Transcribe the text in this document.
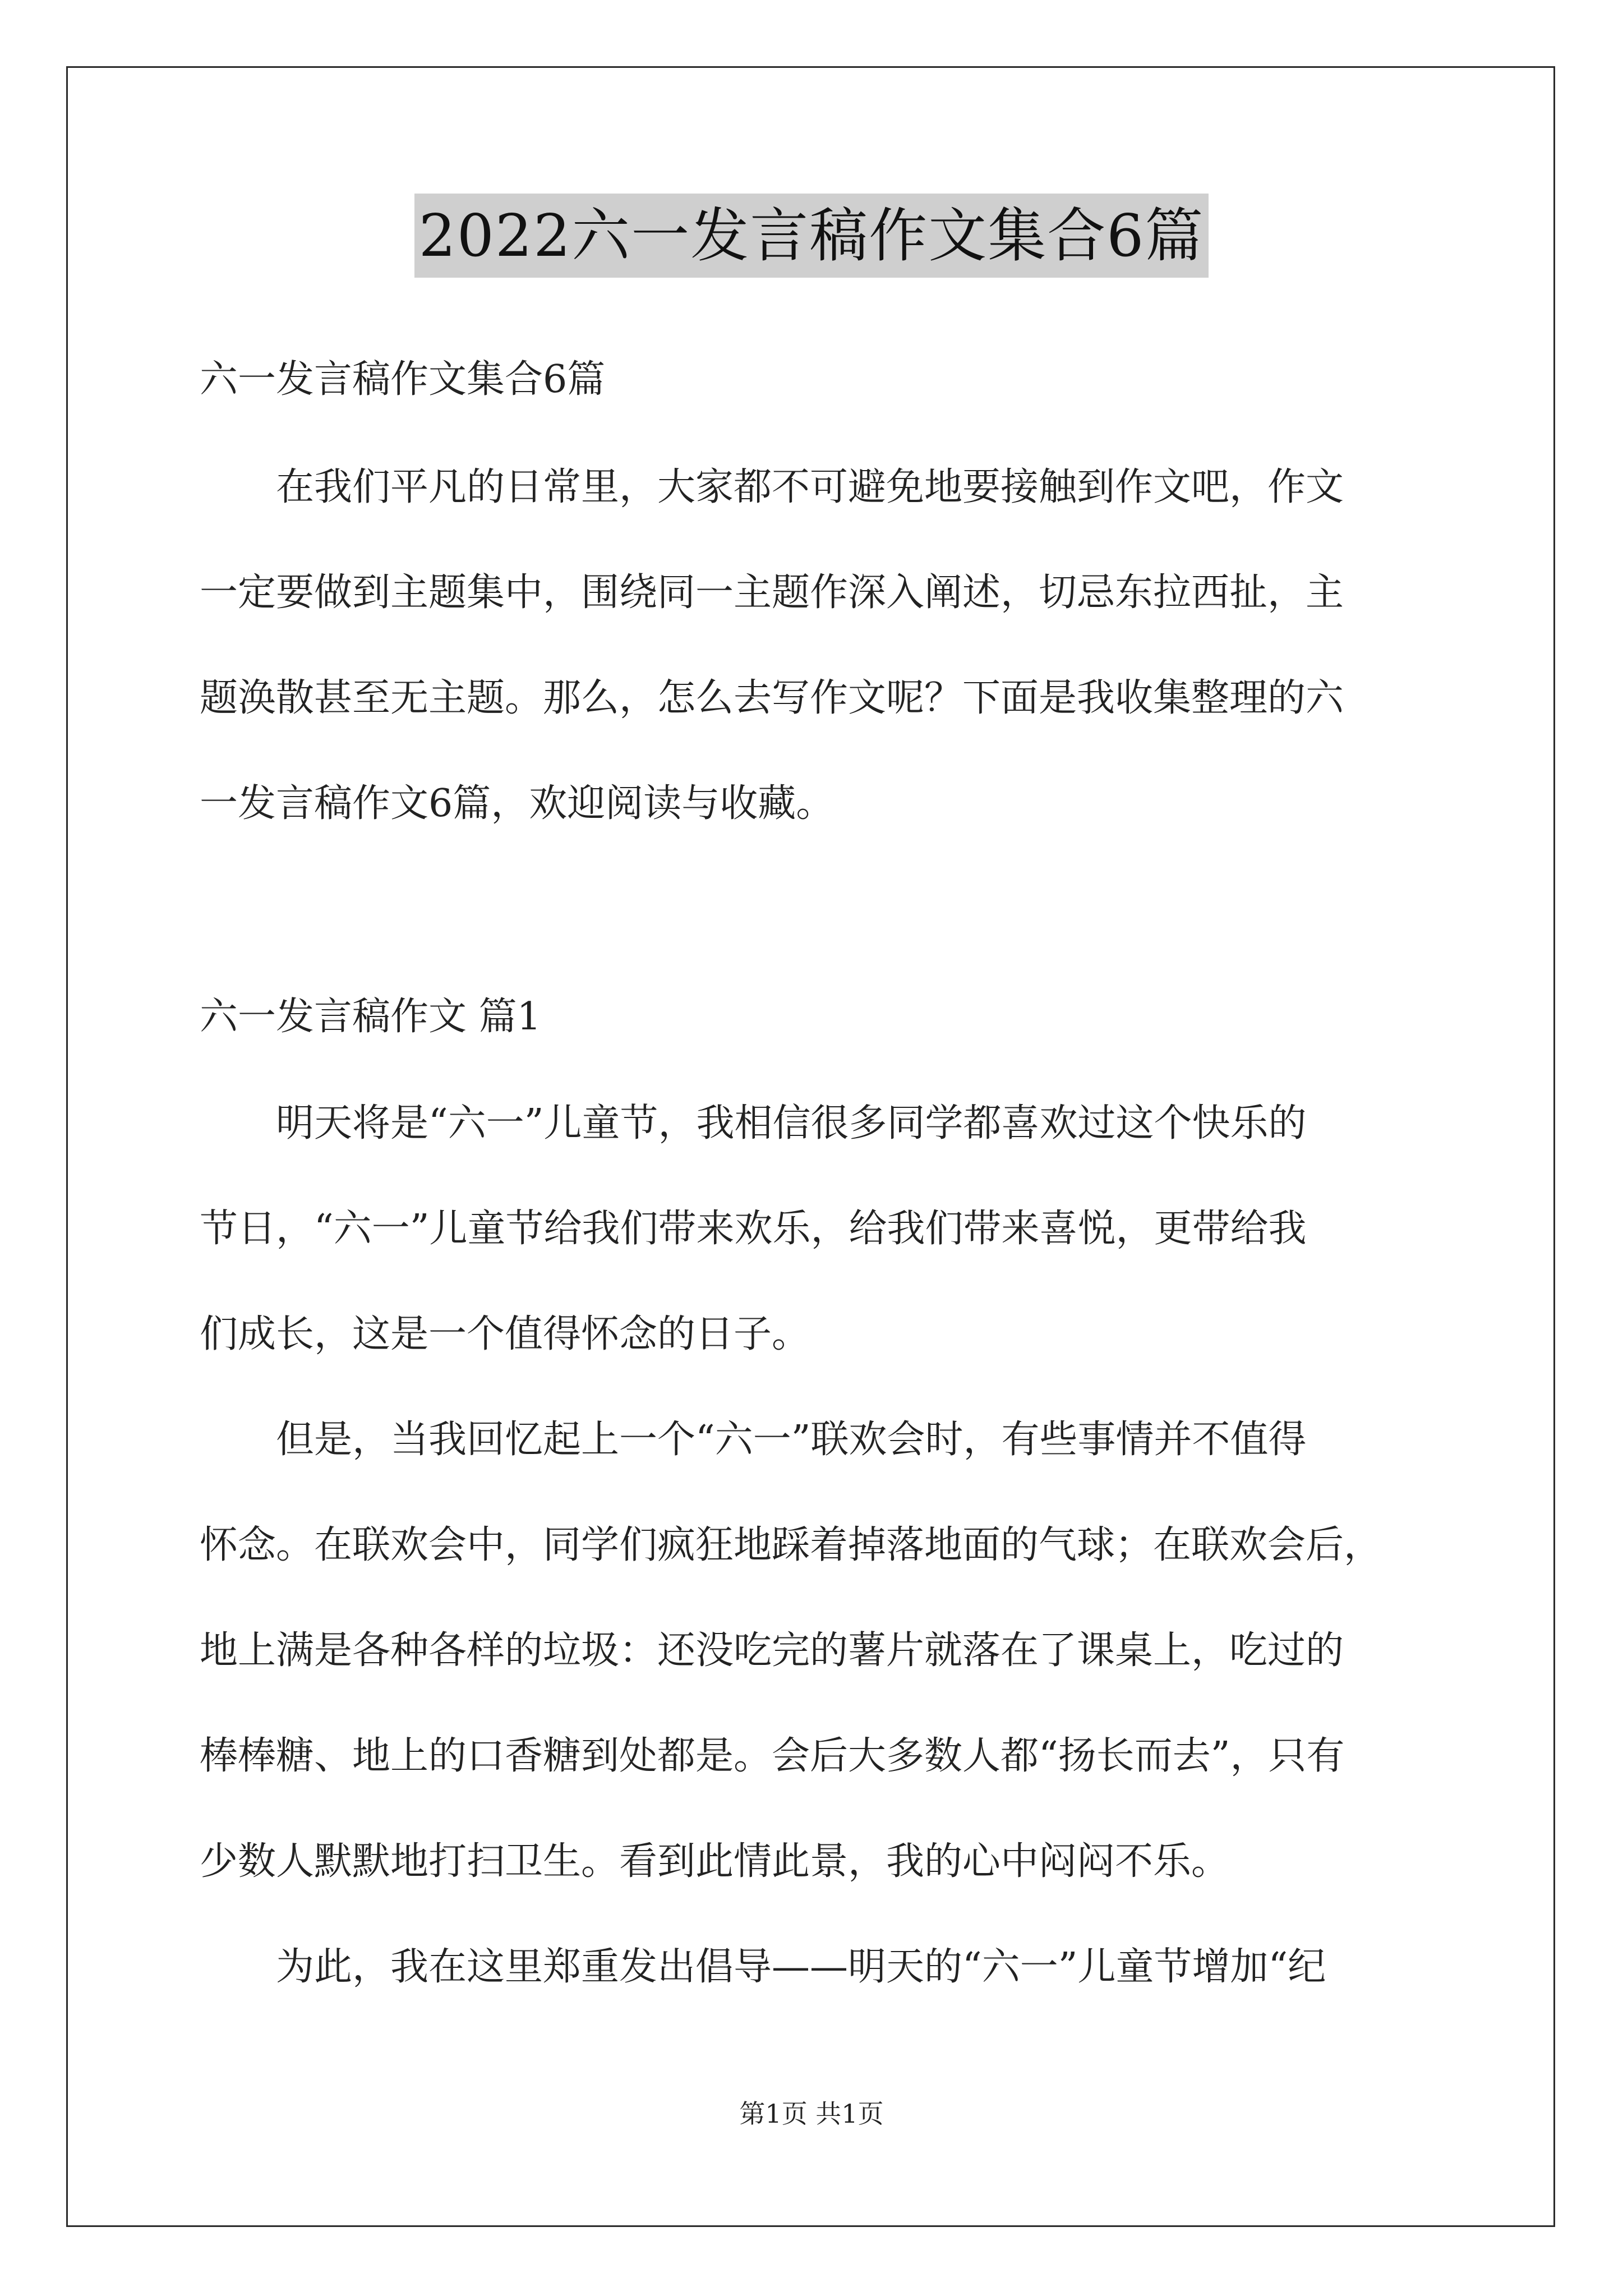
2022六一发言稿作文集合6篇
六一发言稿作文集合6篇
　　在我们平凡的日常里，大家都不可避免地要接触到作文吧，作文
一定要做到主题集中，围绕同一主题作深入阐述，切忌东拉西扯，主
题涣散甚至无主题。那么，怎么去写作文呢？下面是我收集整理的六
一发言稿作文6篇，欢迎阅读与收藏。
六一发言稿作文 篇1
　　明天将是“六一”儿童节，我相信很多同学都喜欢过这个快乐的
节日，“六一”儿童节给我们带来欢乐，给我们带来喜悦，更带给我
们成长，这是一个值得怀念的日子。
　　但是，当我回忆起上一个“六一”联欢会时，有些事情并不值得
怀念。在联欢会中，同学们疯狂地踩着掉落地面的气球；在联欢会后，
地上满是各种各样的垃圾：还没吃完的薯片就落在了课桌上，吃过的
棒棒糖、地上的口香糖到处都是。会后大多数人都“扬长而去”，只有
少数人默默地打扫卫生。看到此情此景，我的心中闷闷不乐。
　　为此，我在这里郑重发出倡导——明天的“六一”儿童节增加“纪
第1页 共1页
